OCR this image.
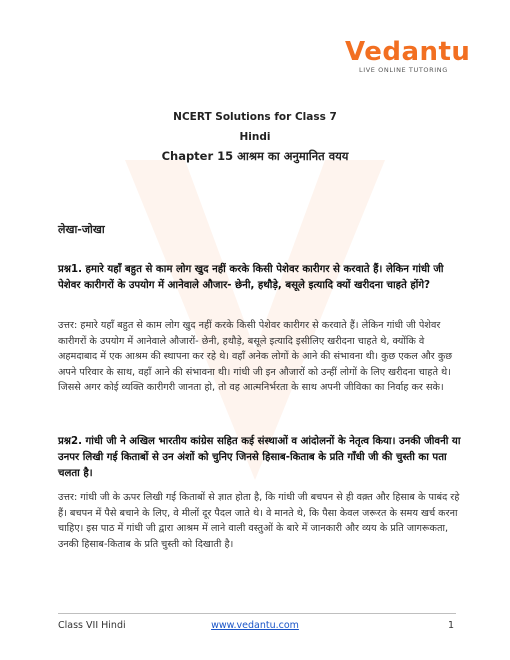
Vedantu
LIVE ONLINE TUTORING
NCERT Solutions for Class 7
Hindi
Chapter 15 आश्रम का अनुमानित वयय
लेखा-जोखा
प्रश्न1. हमारे यहाँ बहुत से काम लोग खुद नहीं करके किसी पेशेवर कारीगर से करवाते हैं। लेकिन गांधी जी पेशेवर कारीगरों के उपयोग में आनेवाले औजार- छेनी, हथौड़े, बसूले इत्यादि क्यों खरीदना चाहते होंगे?
उत्तर: हमारे यहाँ बहुत से काम लोग खुद नहीं करके किसी पेशेवर कारीगर से करवाते हैं। लेकिन गांधी जी पेशेवर कारीगरों के उपयोग में आनेवाले औजारों- छेनी, हथौड़े, बसूले इत्यादि इसीलिए खरीदना चाहते थे, क्योंकि वे अहमदाबाद में एक आश्रम की स्थापना कर रहे थे। वहाँ अनेक लोगों के आने की संभावना थी। कुछ एकल और कुछ अपने परिवार के साथ, वहाँ आने की संभावना थी। गांधी जी इन औजारों को उन्हीं लोगों के लिए खरीदना चाहते थे। जिससे अगर कोई व्यक्ति कारीगरी जानता हो, तो वह आत्मनिर्भरता के साथ अपनी जीविका का निर्वाह कर सके।
प्रश्न2. गांधी जी ने अखिल भारतीय कांग्रेस सहित कई संस्थाओं व आंदोलनों के नेतृत्व किया। उनकी जीवनी या उनपर लिखी गई किताबों से उन अंशों को चुनिए जिनसे हिसाब-किताब के प्रति गाँधी जी की चुस्ती का पता चलता है।
उत्तर: गांधी जी के ऊपर लिखी गई किताबों से ज्ञात होता है, कि गांधी जी बचपन से ही वक़्त और हिसाब के पाबंद रहे हैं। बचपन में पैसे बचाने के लिए, वे मीलों दूर पैदल जाते थे। वे मानते थे, कि पैसा केवल जरूरत के समय खर्च करना चाहिए। इस पाठ में गांधी जी द्वारा आश्रम में लाने वाली वस्तुओं के बारे में जानकारी और व्यय के प्रति जागरूकता, उनकी हिसाब-किताब के प्रति चुस्ती को दिखाती है।
Class VII Hindi	www.vedantu.com	1
